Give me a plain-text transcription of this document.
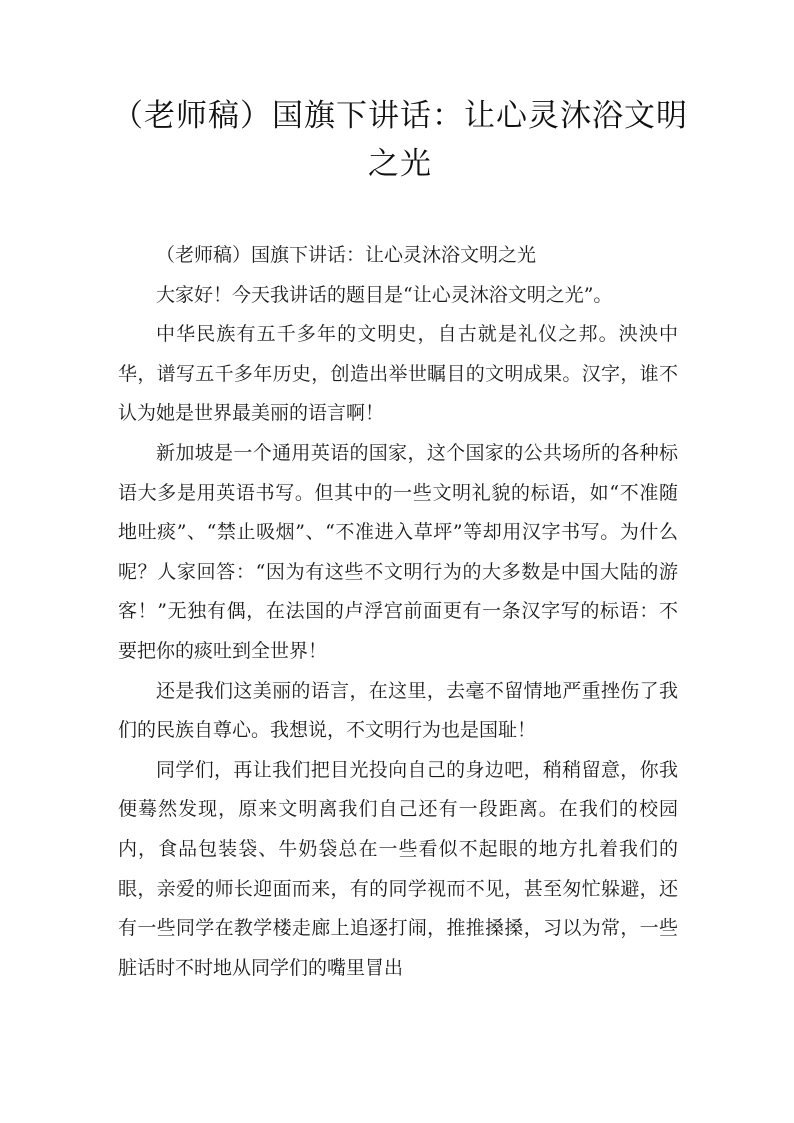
（老师稿）国旗下讲话：让心灵沐浴文明之光

（老师稿）国旗下讲话：让心灵沐浴文明之光

大家好！今天我讲话的题目是“让心灵沐浴文明之光”。

中华民族有五千多年的文明史，自古就是礼仪之邦。泱泱中华，谱写五千多年历史，创造出举世瞩目的文明成果。汉字，谁不认为她是世界最美丽的语言啊！

新加坡是一个通用英语的国家，这个国家的公共场所的各种标语大多是用英语书写。但其中的一些文明礼貌的标语，如“不准随地吐痰”、“禁止吸烟”、“不准进入草坪”等却用汉字书写。为什么呢？人家回答：“因为有这些不文明行为的大多数是中国大陆的游客！”无独有偶，在法国的卢浮宫前面更有一条汉字写的标语：不要把你的痰吐到全世界！

还是我们这美丽的语言，在这里，去毫不留情地严重挫伤了我们的民族自尊心。我想说，不文明行为也是国耻！

同学们，再让我们把目光投向自己的身边吧，稍稍留意，你我便蓦然发现，原来文明离我们自己还有一段距离。在我们的校园内，食品包装袋、牛奶袋总在一些看似不起眼的地方扎着我们的眼，亲爱的师长迎面而来，有的同学视而不见，甚至匆忙躲避，还有一些同学在教学楼走廊上追逐打闹，推推搡搡，习以为常，一些脏话时不时地从同学们的嘴里冒出
